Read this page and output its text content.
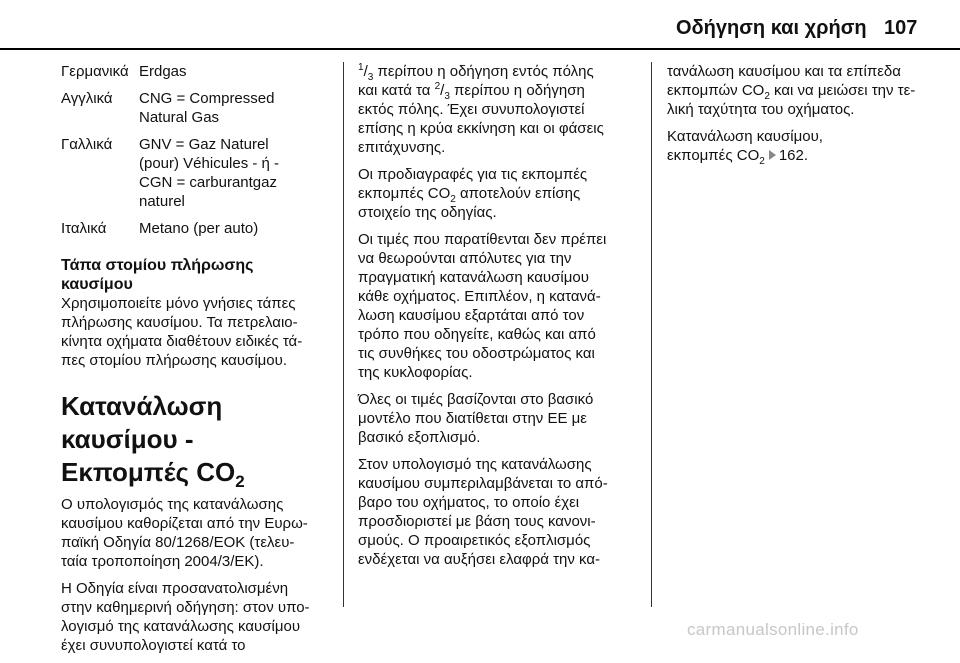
Οδήγηση και χρήση 107
Γερμανικά Erdgas
Αγγλικά	CNG = Compressed
Natural Gas
Γαλλικά	GNV = Gaz Naturel
(pour) Véhicules - ή -
CGN = carburantgaz
naturel
Ιταλικά	Metano (per auto)
Τάπα στομίου πλήρωσης
καυσίμου

Χρησιμοποιείτε μόνο γνήσιες τάπες
πλήρωσης καυσίμου. Τα πετρελαιο-
κίνητα οχήματα διαθέτουν ειδικές τά-
πες στομίου πλήρωσης καυσίμου.

Κατανάλωση καυσίμου -
Εκπομπές $CO_2$

Ο υπολογισμός της κατανάλωσης
καυσίμου καθορίζεται από την Ευρω-
παϊκή Οδηγία 80/1268/ΕΟΚ (τελευ-
ταία τροποποίηση 2004/3/ΕΚ).

Η Οδηγία είναι προσανατολισμένη
στην καθημερινή οδήγηση: στον υπο-
λογισμό της κατανάλωσης καυσίμου
έχει συνυπολογιστεί κατά το

$^1/_3$ περίπου η οδήγηση εντός πόλης
και κατά τα $^2/_3$ περίπου η οδήγηση
εκτός πόλης. Έχει συνυπολογιστεί
επίσης η κρύα εκκίνηση και οι φάσεις
επιτάχυνσης.

Οι προδιαγραφές για τις εκπομπές
εκπομπές $CO_2$ αποτελούν επίσης
στοιχείο της οδηγίας.

Οι τιμές που παρατίθενται δεν πρέπει
να θεωρούνται απόλυτες για την
πραγματική κατανάλωση καυσίμου
κάθε οχήματος. Επιπλέον, η κατανά-
λωση καυσίμου εξαρτάται από τον
τρόπο που οδηγείτε, καθώς και από
τις συνθήκες του οδοστρώματος και
της κυκλοφορίας.

Όλες οι τιμές βασίζονται στο βασικό
μοντέλο που διατίθεται στην ΕΕ με
βασικό εξοπλισμό.

Στον υπολογισμό της κατανάλωσης
καυσίμου συμπεριλαμβάνεται το από-
βαρο του οχήματος, το οποίο έχει
προσδιοριστεί με βάση τους κανονι-
σμούς. Ο προαιρετικός εξοπλισμός
ενδέχεται να αυξήσει ελαφρά την κα-

τανάλωση καυσίμου και τα επίπεδα
εκπομπών $CO_2$ και να μειώσει την τε-
λική ταχύτητα του οχήματος.

Κατανάλωση καυσίμου,
εκπομπές $CO_2$ 162.

carmanualsonline.info
